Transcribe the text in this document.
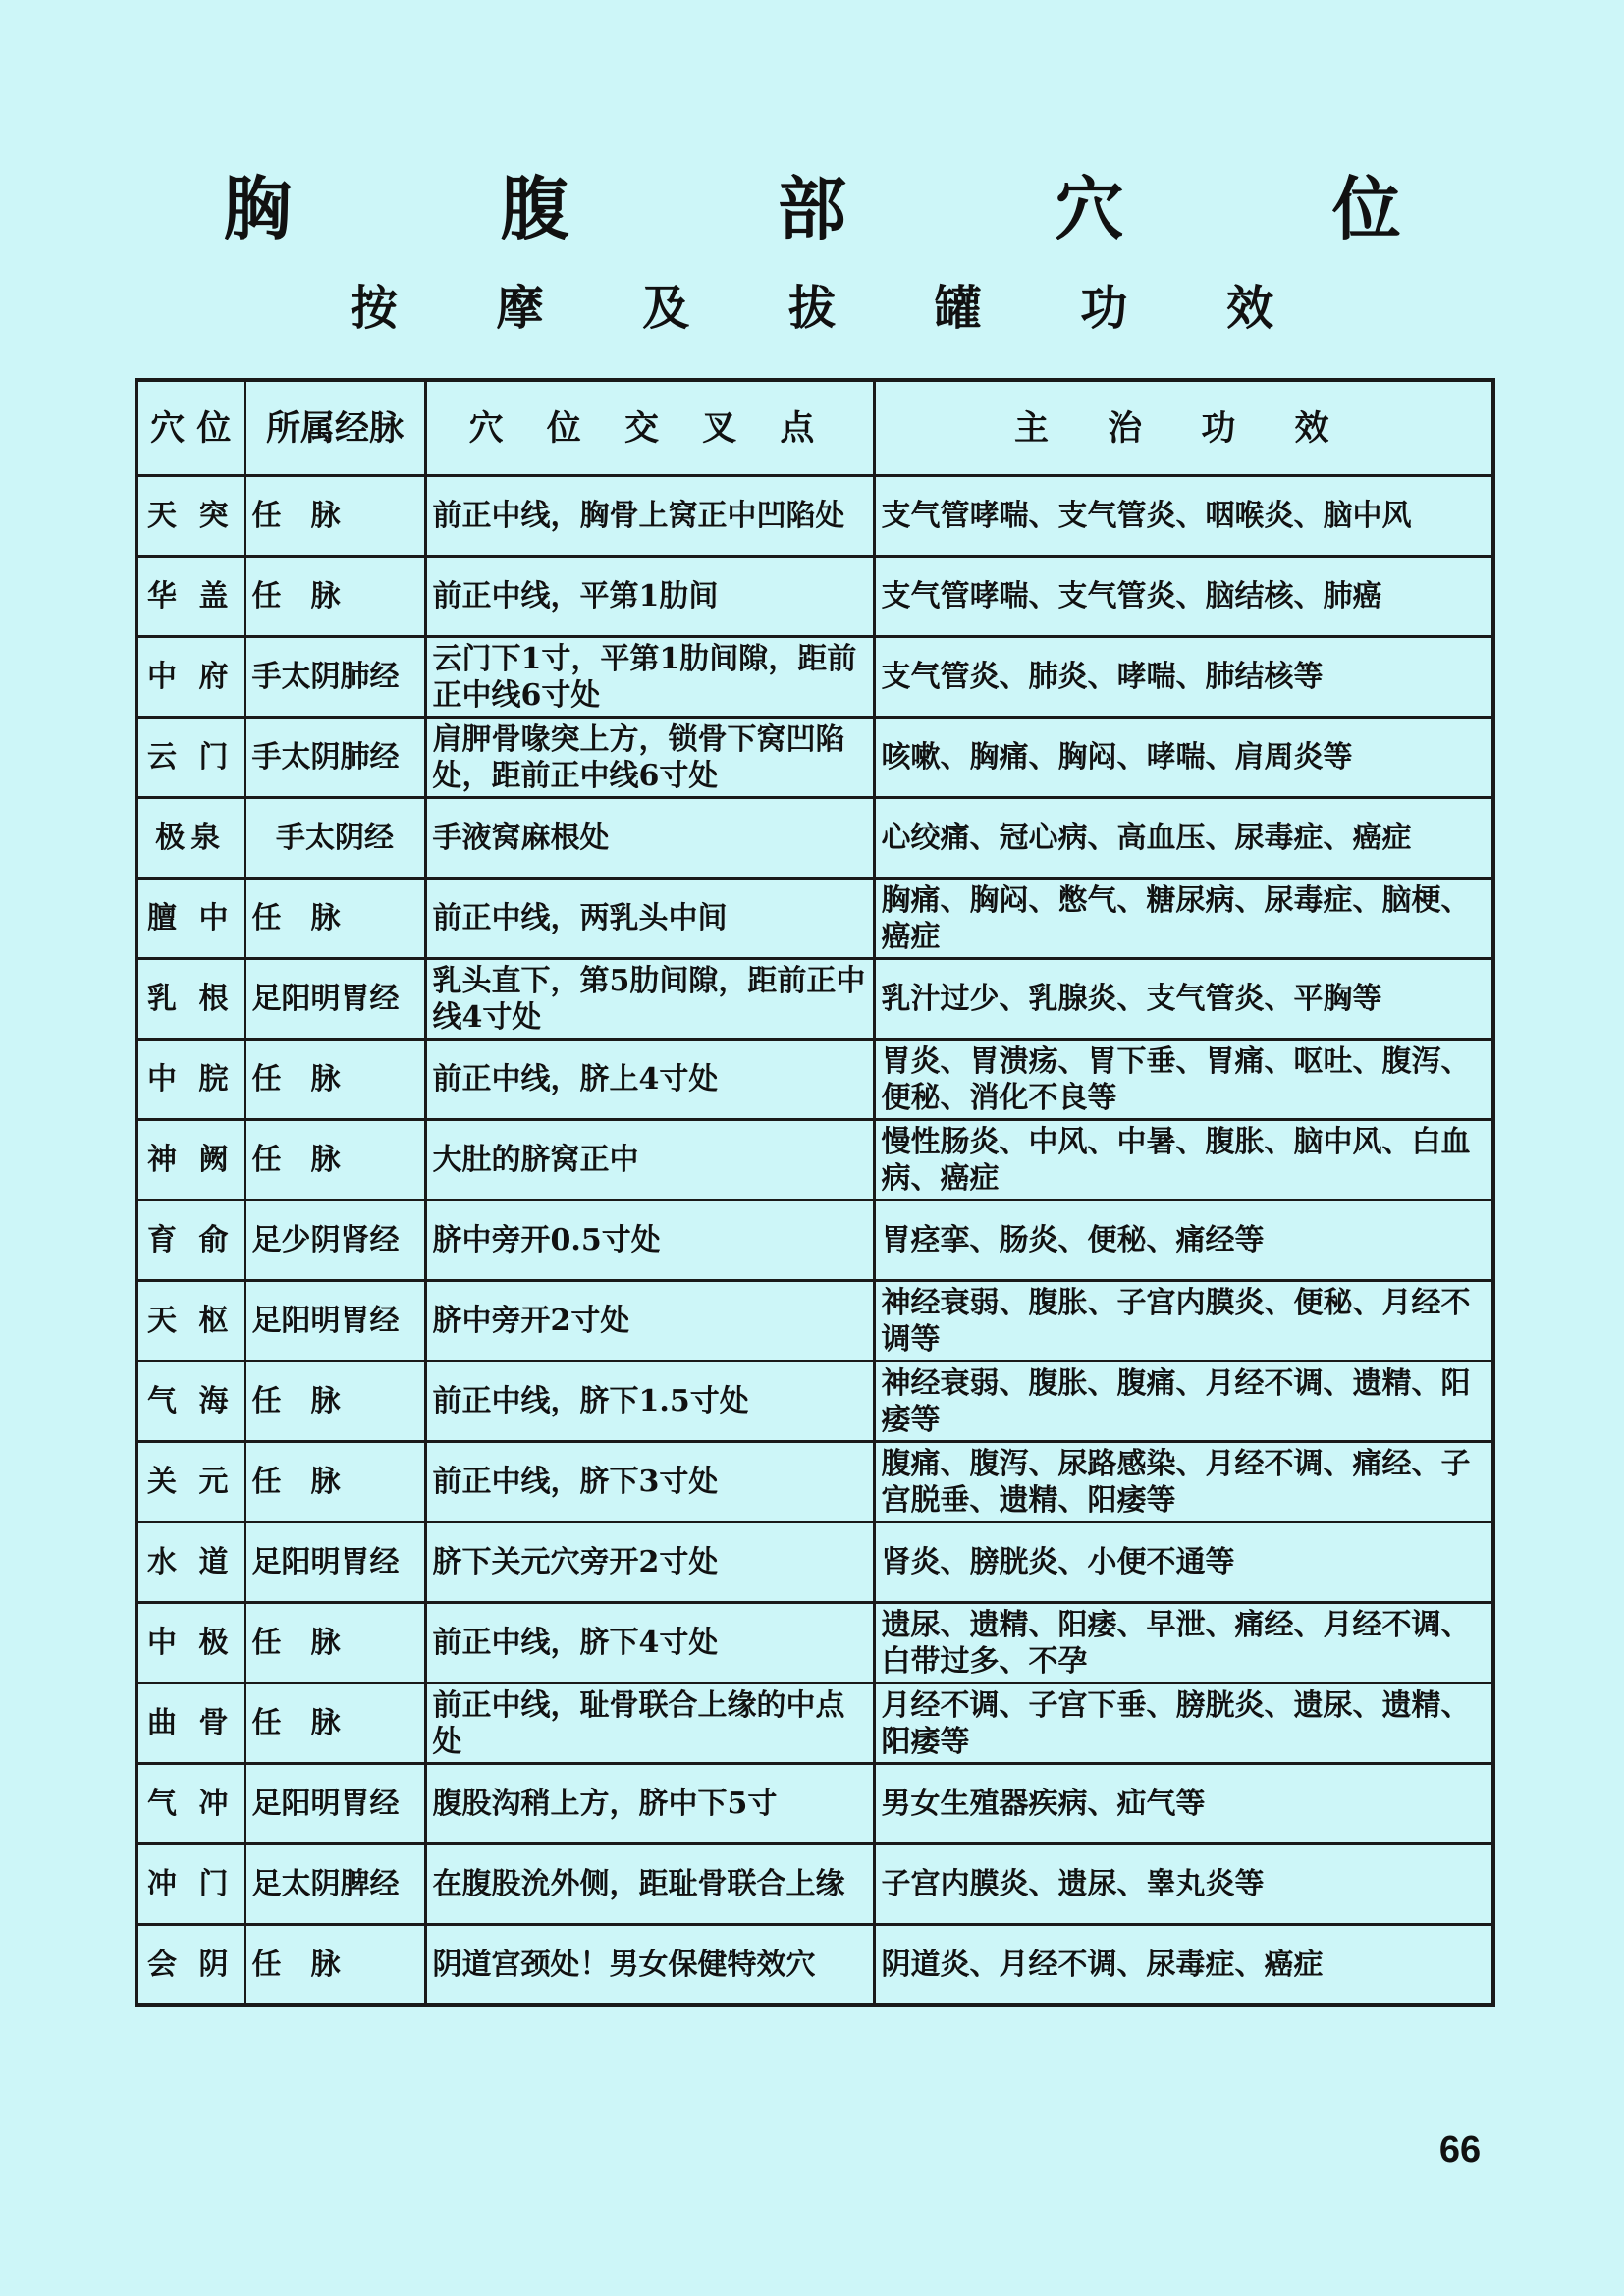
胸 腹 部 穴 位
按 摩 及 拔 罐 功 效
穴 位	所属经脉	穴 位 交 叉 点	主 治 功 效
天 突	任　脉	前正中线，胸骨上窝正中凹陷处	支气管哮喘、支气管炎、咽喉炎、脑中风
华 盖	任　脉	前正中线，平第1肋间	支气管哮喘、支气管炎、脑结核、肺癌
中 府	手太阴肺经	云门下1寸，平第1肋间隙，距前正中线6寸处	支气管炎、肺炎、哮喘、肺结核等
云 门	手太阴肺经	肩胛骨喙突上方，锁骨下窝凹陷处，距前正中线6寸处	咳嗽、胸痛、胸闷、哮喘、肩周炎等
极泉	手太阴经	手液窝麻根处	心绞痛、冠心病、高血压、尿毒症、癌症
膻 中	任　脉	前正中线，两乳头中间	胸痛、胸闷、憋气、糖尿病、尿毒症、脑梗、癌症
乳 根	足阳明胃经	乳头直下，第5肋间隙，距前正中线4寸处	乳汁过少、乳腺炎、支气管炎、平胸等
中 脘	任　脉	前正中线，脐上4寸处	胃炎、胃溃疡、胃下垂、胃痛、呕吐、腹泻、便秘、消化不良等
神 阙	任　脉	大肚的脐窝正中	慢性肠炎、中风、中暑、腹胀、脑中风、白血病、癌症
育 俞	足少阴肾经	脐中旁开0.5寸处	胃痉挛、肠炎、便秘、痛经等
天 枢	足阳明胃经	脐中旁开2寸处	神经衰弱、腹胀、子宫内膜炎、便秘、月经不调等
气 海	任　脉	前正中线，脐下1.5寸处	神经衰弱、腹胀、腹痛、月经不调、遗精、阳痿等
关 元	任　脉	前正中线，脐下3寸处	腹痛、腹泻、尿路感染、月经不调、痛经、子宫脱垂、遗精、阳痿等
水 道	足阳明胃经	脐下关元穴旁开2寸处	肾炎、膀胱炎、小便不通等
中 极	任　脉	前正中线，脐下4寸处	遗尿、遗精、阳痿、早泄、痛经、月经不调、白带过多、不孕
曲 骨	任　脉	前正中线，耻骨联合上缘的中点处	月经不调、子宫下垂、膀胱炎、遗尿、遗精、阳痿等
气 冲	足阳明胃经	腹股沟稍上方，脐中下5寸	男女生殖器疾病、疝气等
冲 门	足太阴脾经	在腹股沇外侧，距耻骨联合上缘	子宫内膜炎、遗尿、睾丸炎等
会 阴	任　脉	阴道宫颈处！男女保健特效穴	阴道炎、月经不调、尿毒症、癌症
66
